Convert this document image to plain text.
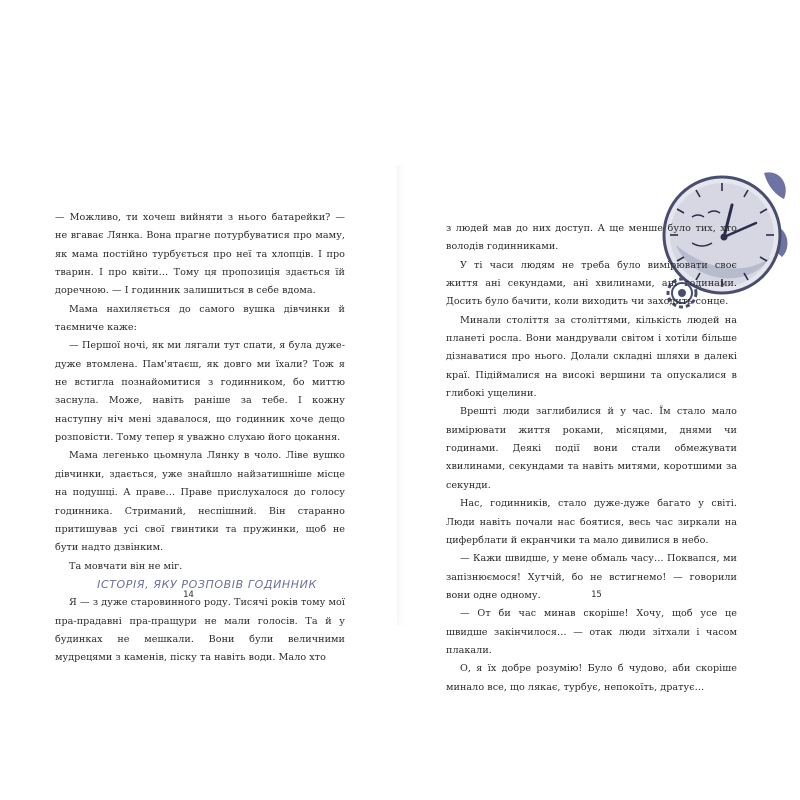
— Можливо, ти хочеш вийняти з нього батарейки? — не вгаває Лянка. Вона прагне потурбуватися про маму, як мама постійно турбується про неї та хлопців. І про тварин. І про квіти… Тому ця пропозиція здається їй доречною. — І годинник залишиться в себе вдома.

Мама нахиляється до самого вушка дівчинки й таємниче каже:

— Першої ночі, як ми лягали тут спати, я була дуже-дуже втомлена. Пам'ятаєш, як довго ми їхали? Тож я не встигла познайомитися з годинником, бо миттю заснула. Може, навіть раніше за тебе. І кожну наступну ніч мені здавалося, що годинник хоче дещо розповісти. Тому тепер я уважно слухаю його цокання.

Мама легенько цьомнула Лянку в чоло. Ліве вушко дівчинки, здається, уже знайшло найзатишніше місце на подушці. А праве… Праве прислухалося до голосу годинника. Стриманий, неспішний. Він старанно притишував усі свої гвинтики та пружинки, щоб не бути надто дзвінким.

Та мовчати він не міг.

ІСТОРІЯ, ЯКУ РОЗПОВІВ ГОДИННИК

Я — з дуже старовинного роду. Тисячі років тому мої пра-прадавні пра-пращури не мали голосів. Та й у будинках не мешкали. Вони були величними мудрецями з каменів, піску та навіть води. Мало хто

14

з людей мав до них доступ. А ще менше було тих, хто володів годинниками.

У ті часи людям не треба було вимірювати своє життя ані секундами, ані хвилинами, ані годинами. Досить було бачити, коли виходить чи заходить сонце.

Минали століття за століттями, кількість людей на планеті росла. Вони мандрували світом і хотіли більше дізнаватися про нього. Долали складні шляхи в далекі краї. Підіймалися на високі вершини та опускалися в глибокі ущелини.

Врешті люди заглибилися й у час. Їм стало мало вимірювати життя роками, місяцями, днями чи годинами. Деякі події вони стали обмежувати хвилинами, секундами та навіть митями, коротшими за секунди.

Нас, годинників, стало дуже-дуже багато у світі. Люди навіть почали нас боятися, весь час зиркали на циферблати й екранчики та мало дивилися в небо.

— Кажи швидше, у мене обмаль часу… Поквапся, ми запізнюємося! Хутчій, бо не встигнемо! — говорили вони одне одному.

— От би час минав скоріше! Хочу, щоб усе це швидше закінчилося… — отак люди зітхали і часом плакали.

О, я їх добре розумію! Було б чудово, аби скоріше минало все, що лякає, турбує, непокоїть, дратує…

15
